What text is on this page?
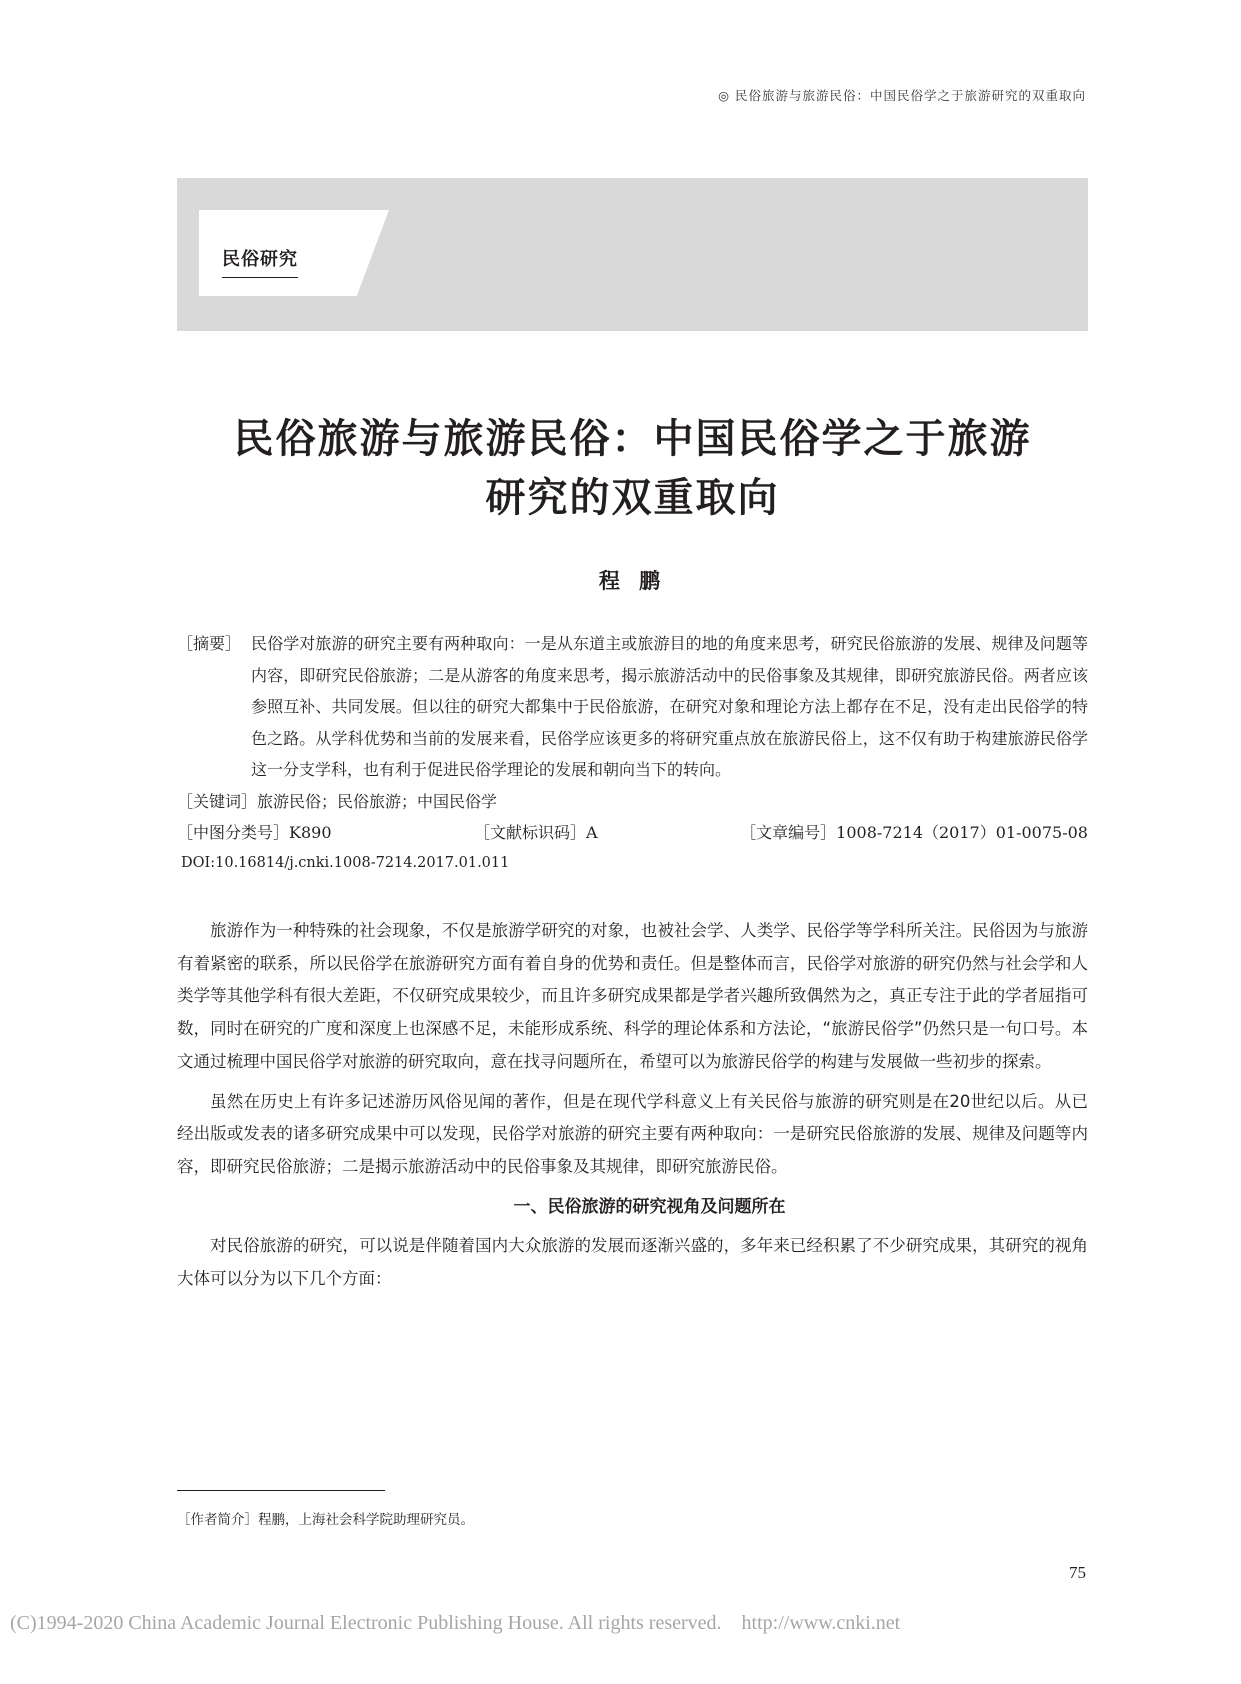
◎ 民俗旅游与旅游民俗：中国民俗学之于旅游研究的双重取向
民俗研究
民俗旅游与旅游民俗：中国民俗学之于旅游
研究的双重取向
程 鹏
［摘要］ 民俗学对旅游的研究主要有两种取向：一是从东道主或旅游目的地的角度来思考，研究民俗旅游的发展、规律及问题等内容，即研究民俗旅游；二是从游客的角度来思考，揭示旅游活动中的民俗事象及其规律，即研究旅游民俗。两者应该参照互补、共同发展。但以往的研究大都集中于民俗旅游，在研究对象和理论方法上都存在不足，没有走出民俗学的特色之路。从学科优势和当前的发展来看，民俗学应该更多的将研究重点放在旅游民俗上，这不仅有助于构建旅游民俗学这一分支学科，也有利于促进民俗学理论的发展和朝向当下的转向。
［关键词］旅游民俗；民俗旅游；中国民俗学
［中图分类号］K890	［文献标识码］A	［文章编号］1008-7214（2017）01-0075-08
DOI:10.16814/j.cnki.1008-7214.2017.01.011

旅游作为一种特殊的社会现象，不仅是旅游学研究的对象，也被社会学、人类学、民俗学等学科所关注。民俗因为与旅游有着紧密的联系，所以民俗学在旅游研究方面有着自身的优势和责任。但是整体而言，民俗学对旅游的研究仍然与社会学和人类学等其他学科有很大差距，不仅研究成果较少，而且许多研究成果都是学者兴趣所致偶然为之，真正专注于此的学者屈指可数，同时在研究的广度和深度上也深感不足，未能形成系统、科学的理论体系和方法论，“旅游民俗学”仍然只是一句口号。本文通过梳理中国民俗学对旅游的研究取向，意在找寻问题所在，希望可以为旅游民俗学的构建与发展做一些初步的探索。

虽然在历史上有许多记述游历风俗见闻的著作，但是在现代学科意义上有关民俗与旅游的研究则是在20世纪以后。从已经出版或发表的诸多研究成果中可以发现，民俗学对旅游的研究主要有两种取向：一是研究民俗旅游的发展、规律及问题等内容，即研究民俗旅游；二是揭示旅游活动中的民俗事象及其规律，即研究旅游民俗。

一、民俗旅游的研究视角及问题所在

对民俗旅游的研究，可以说是伴随着国内大众旅游的发展而逐渐兴盛的，多年来已经积累了不少研究成果，其研究的视角大体可以分为以下几个方面：

［作者简介］程鹏，上海社会科学院助理研究员。
75
(C)1994-2020 China Academic Journal Electronic Publishing House. All rights reserved.    http://www.cnki.net
